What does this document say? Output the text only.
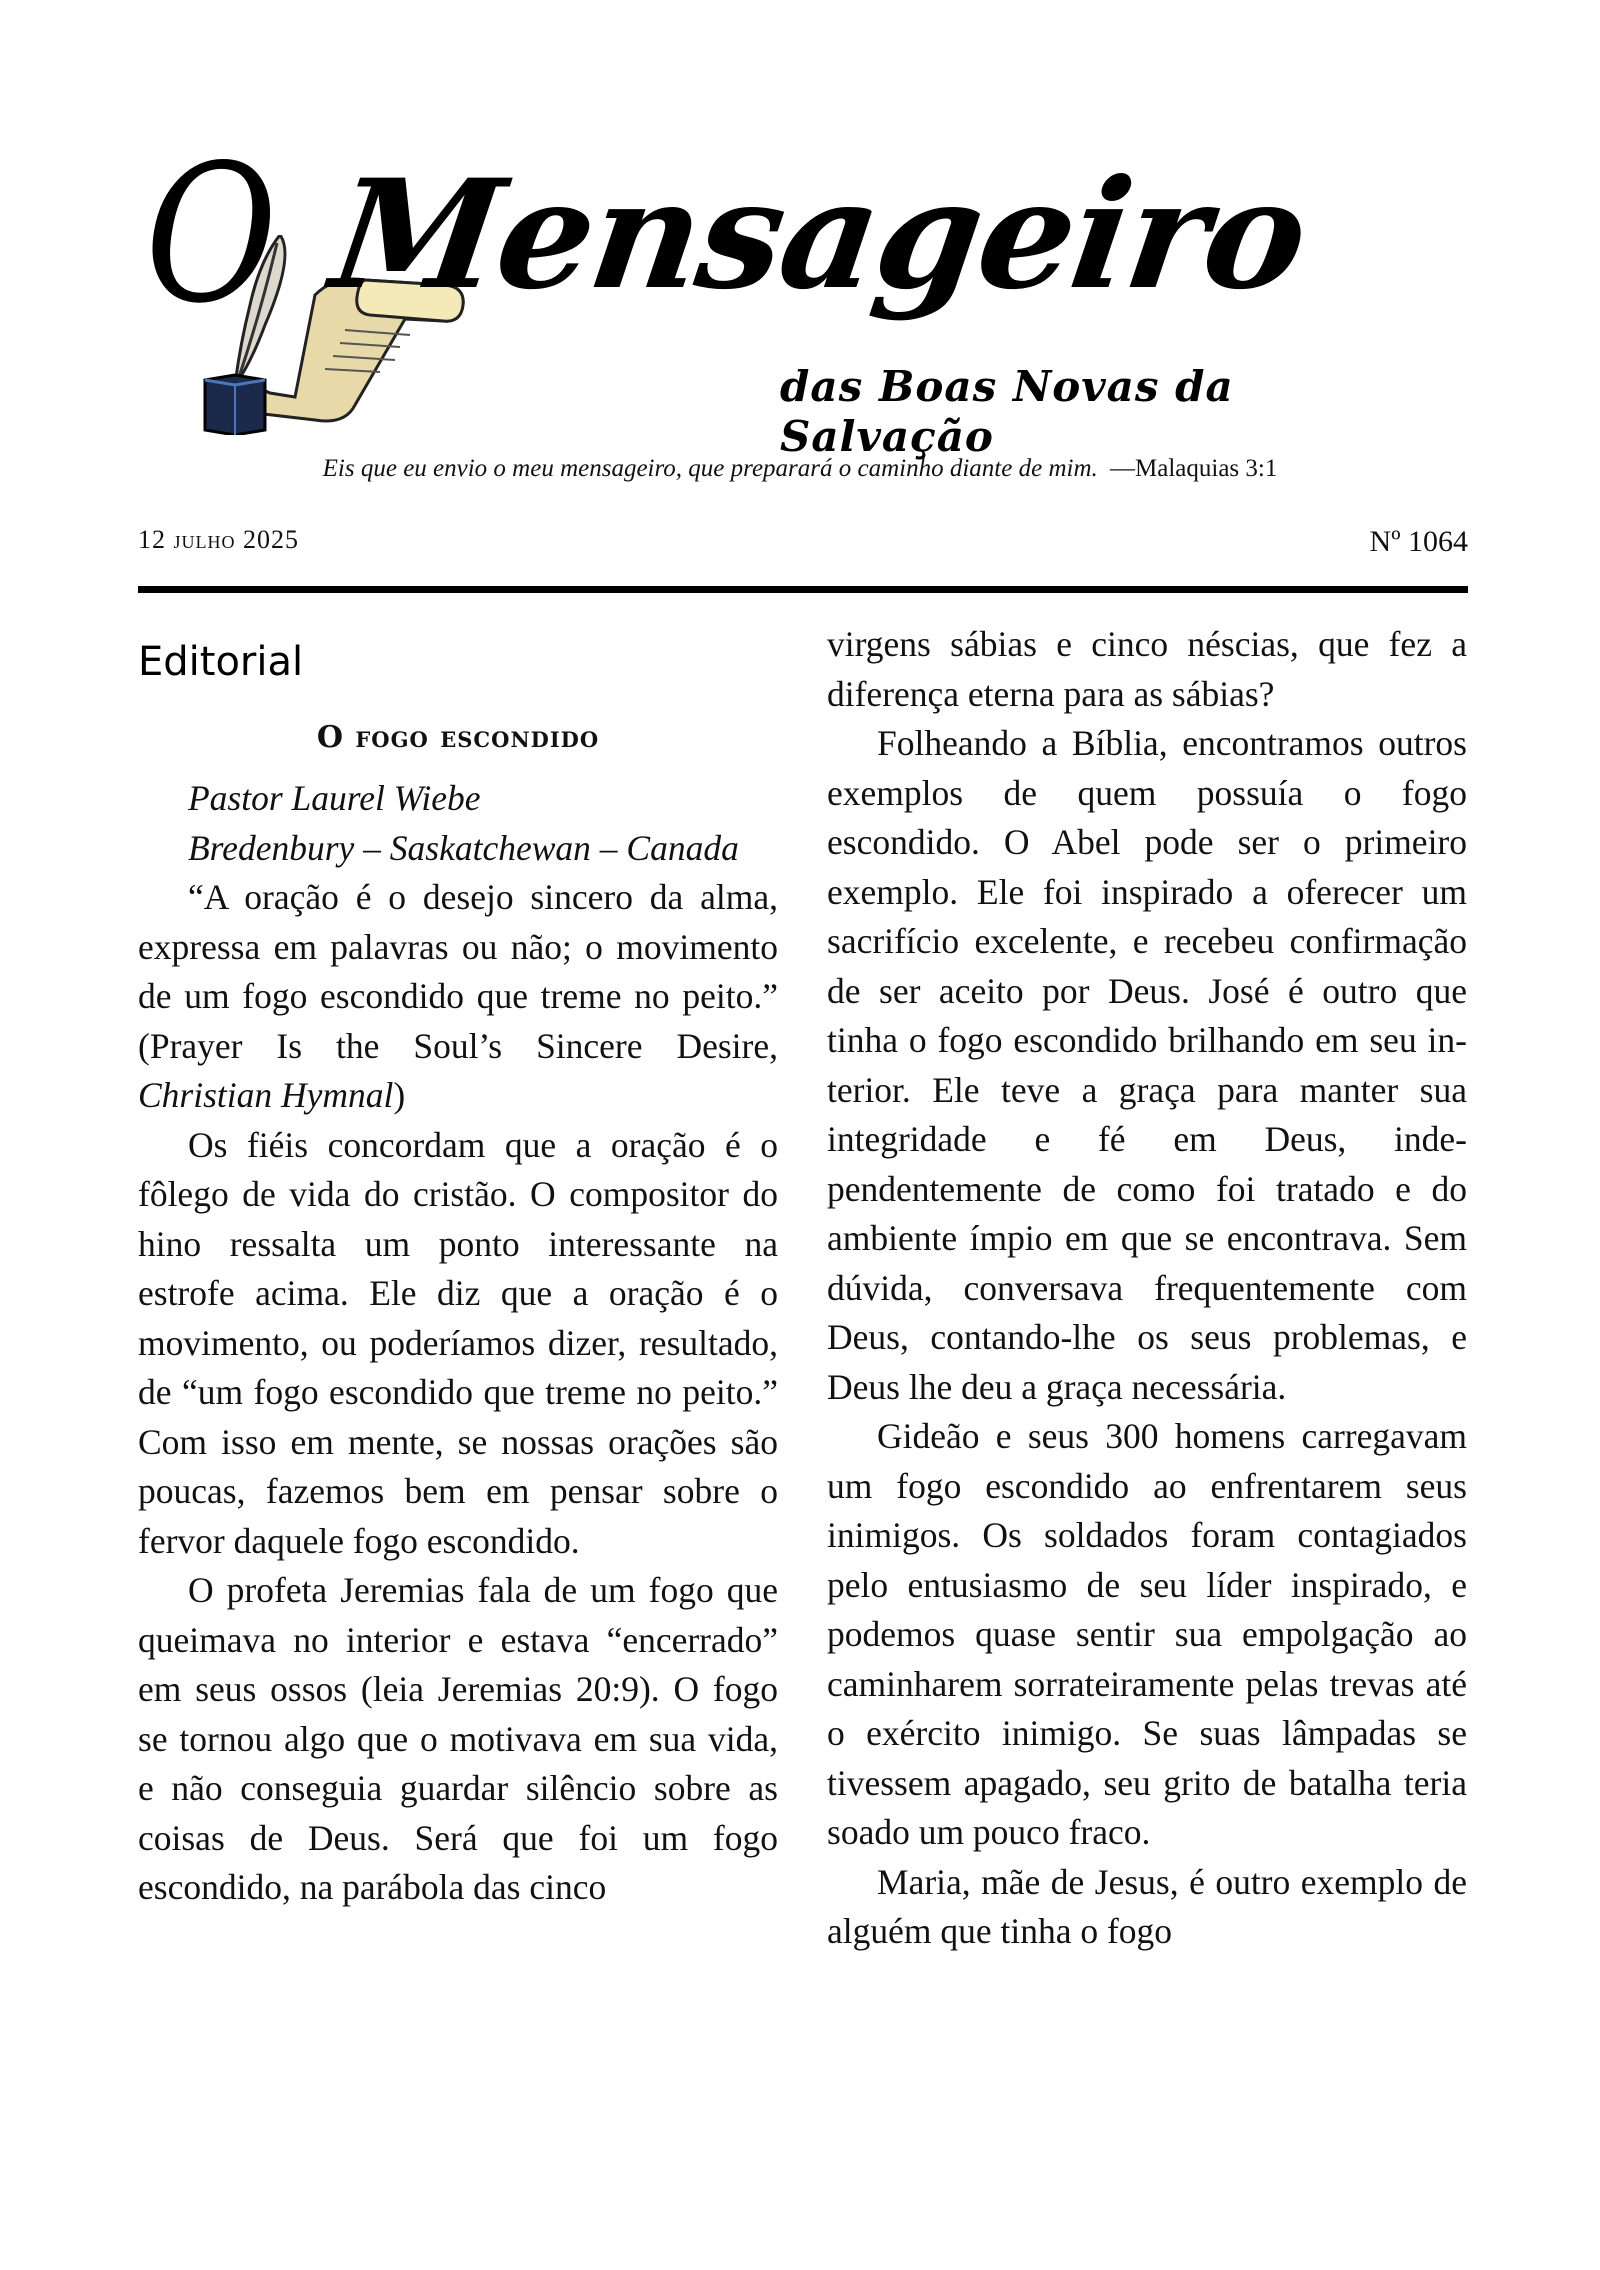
O Mensageiro
das Boas Novas da Salvação
Eis que eu envio o meu mensageiro, que preparará o caminho diante de mim. —Malaquias 3:1
12 julho 2025	Nº 1064
Editorial
O fogo escondido

Pastor Laurel Wiebe

Bredenbury – Saskatchewan – Canada

“A oração é o desejo sincero da alma, expressa em palavras ou não; o movimento de um fogo escondido que treme no peito.” (Prayer Is the Soul’s Sincere Desire, Christian Hymnal)

Os fiéis concordam que a oração é o fôlego de vida do cristão. O compositor do hino ressalta um ponto interessante na estrofe acima. Ele diz que a oração é o movimento, ou poderíamos dizer, resultado, de “um fogo escondido que treme no peito.” Com isso em mente, se nossas orações são poucas, fazemos bem em pensar sobre o fervor daquele fogo escondido.

O profeta Jeremias fala de um fogo que queimava no interior e estava “encerrado” em seus ossos (leia Jeremias 20:9). O fogo se tornou algo que o motivava em sua vida, e não conseguia guardar silêncio sobre as coisas de Deus. Será que foi um fogo escondido, na parábola das cinco

virgens sábias e cinco néscias, que fez a diferença eterna para as sábias?

Folheando a Bíblia, encontramos outros exemplos de quem possuía o fogo escondido. O Abel pode ser o primeiro exemplo. Ele foi inspirado a oferecer um sacrifício excelente, e recebeu confirmação de ser aceito por Deus. José é outro que tinha o fogo escondido brilhando em seu interior. Ele teve a graça para manter sua integridade e fé em Deus, independentemente de como foi tratado e do ambiente ímpio em que se encontrava. Sem dúvida, conversava frequentemente com Deus, contando-lhe os seus problemas, e Deus lhe deu a graça necessária.

Gideão e seus 300 homens carregavam um fogo escondido ao enfrentarem seus inimigos. Os soldados foram contagiados pelo entusiasmo de seu líder inspirado, e podemos quase sentir sua empolgação ao caminharem sorrateiramente pelas trevas até o exército inimigo. Se suas lâmpadas se tivessem apagado, seu grito de batalha teria soado um pouco fraco.

Maria, mãe de Jesus, é outro exemplo de alguém que tinha o fogo
